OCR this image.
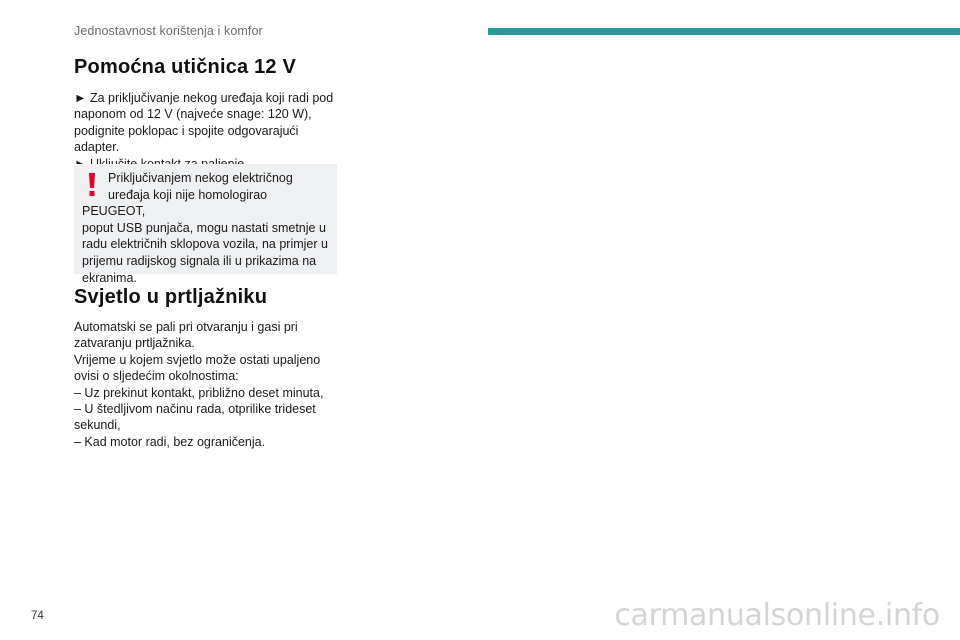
Jednostavnost korištenja i komfor
Pomoćna utičnica 12 V

► Za priključivanje nekog uređaja koji radi pod

naponom od 12 V (najveće snage: 120 W),

podignite poklopac i spojite odgovarajući

adapter.

Priključivanjem nekog električnog
uređaja koji nije homologirao PEUGEOT,
poput USB punjača, mogu nastati smetnje u
radu električnih sklopova vozila, na primjer u
prijemu radijskog signala ili u prikazima na
ekranima.
Svjetlo u prtljažniku

Automatski se pali pri otvaranju i gasi pri

zatvaranju prtljažnika.

Vrijeme u kojem svjetlo može ostati upaljeno

ovisi o sljedećim okolnostima:

– Uz prekinut kontakt, približno deset minuta,

– U štedljivom načinu rada, otprilike trideset

sekundi,

– Kad motor radi, bez ograničenja.

74	carmanualsonline.info
